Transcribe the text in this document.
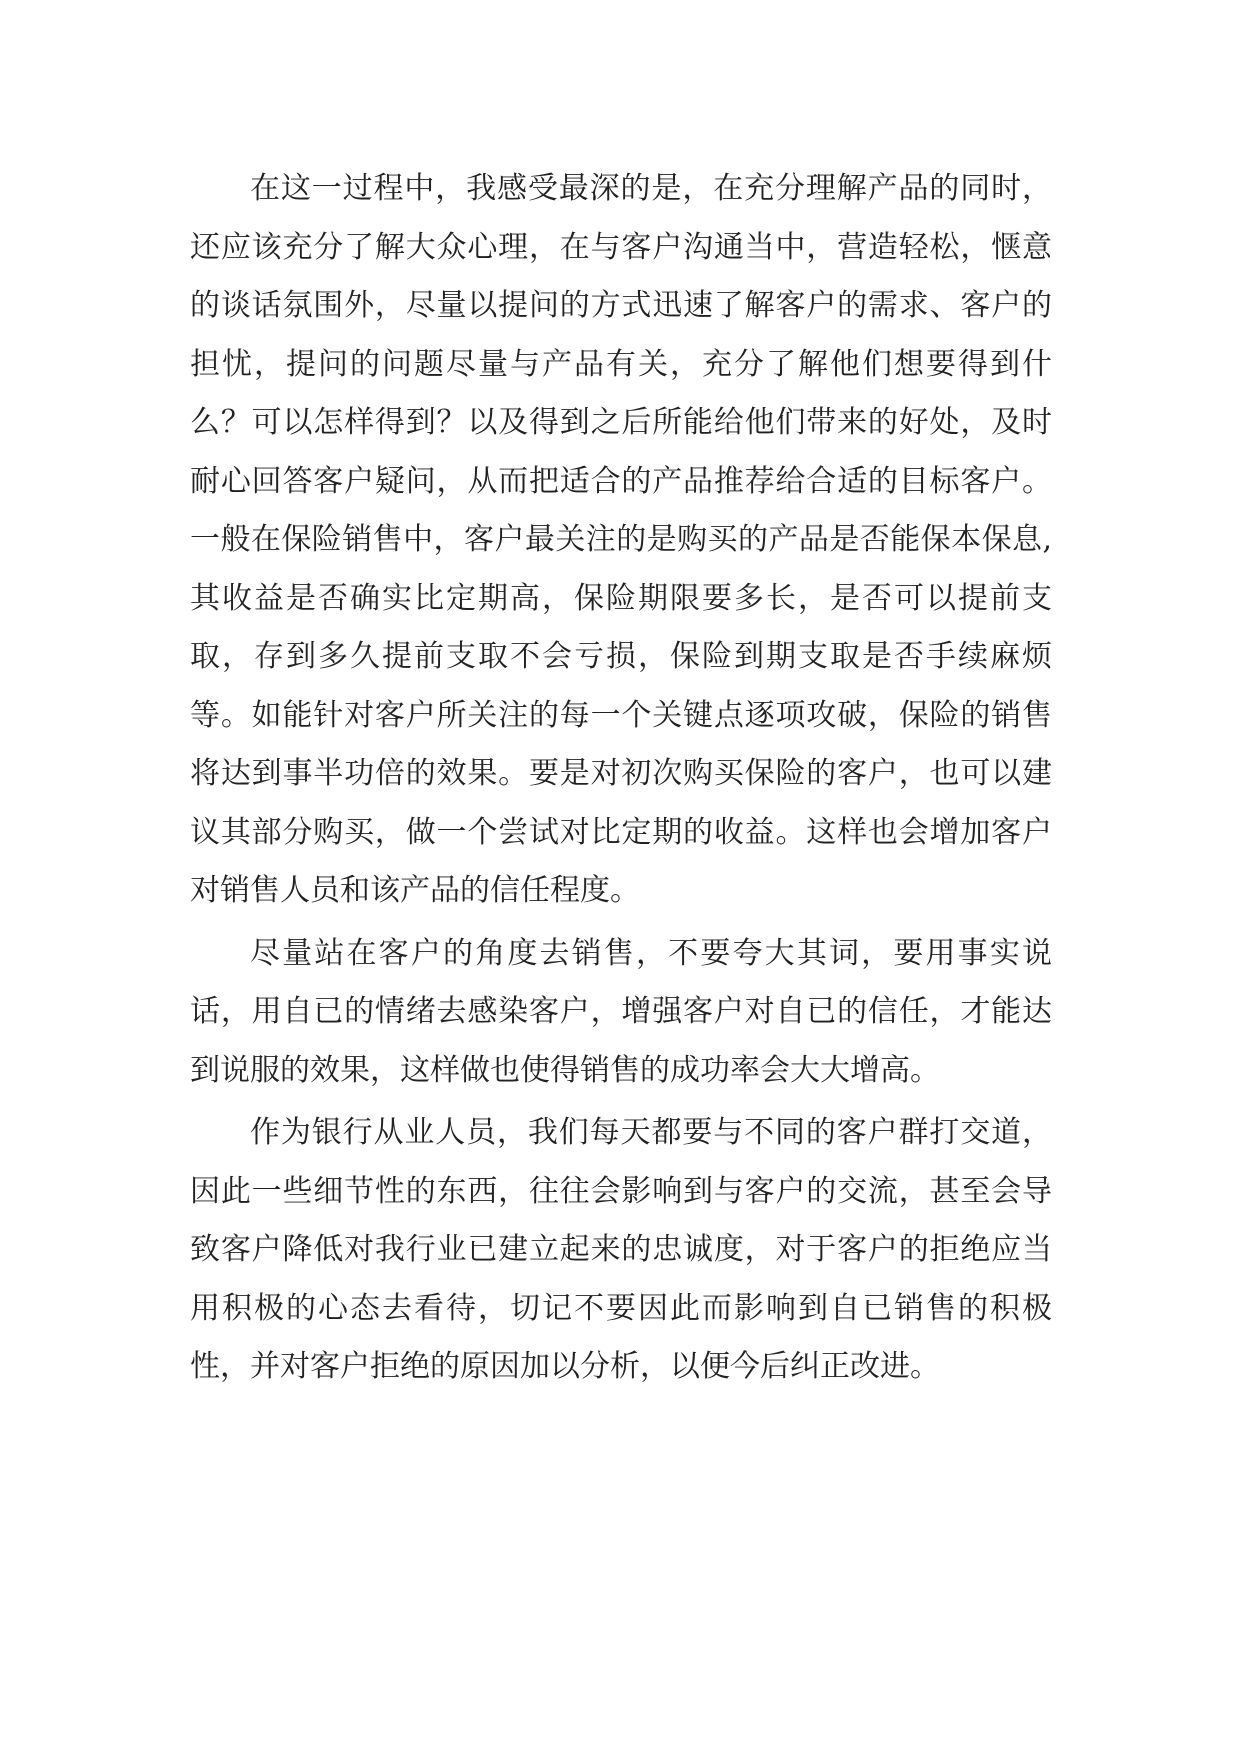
在这一过程中，我感受最深的是，在充分理解产品的同时，还应该充分了解大众心理，在与客户沟通当中，营造轻松，惬意的谈话氛围外，尽量以提问的方式迅速了解客户的需求、客户的担忧，提问的问题尽量与产品有关，充分了解他们想要得到什么？可以怎样得到？以及得到之后所能给他们带来的好处，及时耐心回答客户疑问，从而把适合的产品推荐给合适的目标客户。一般在保险销售中，客户最关注的是购买的产品是否能保本保息,其收益是否确实比定期高，保险期限要多长，是否可以提前支取，存到多久提前支取不会亏损，保险到期支取是否手续麻烦等。如能针对客户所关注的每一个关键点逐项攻破，保险的销售将达到事半功倍的效果。要是对初次购买保险的客户，也可以建议其部分购买，做一个尝试对比定期的收益。这样也会增加客户对销售人员和该产品的信任程度。

尽量站在客户的角度去销售，不要夸大其词，要用事实说话，用自已的情绪去感染客户，增强客户对自已的信任，才能达到说服的效果，这样做也使得销售的成功率会大大增高。

作为银行从业人员，我们每天都要与不同的客户群打交道，因此一些细节性的东西，往往会影响到与客户的交流，甚至会导致客户降低对我行业已建立起来的忠诚度，对于客户的拒绝应当用积极的心态去看待，切记不要因此而影响到自已销售的积极性，并对客户拒绝的原因加以分析，以便今后纠正改进。
